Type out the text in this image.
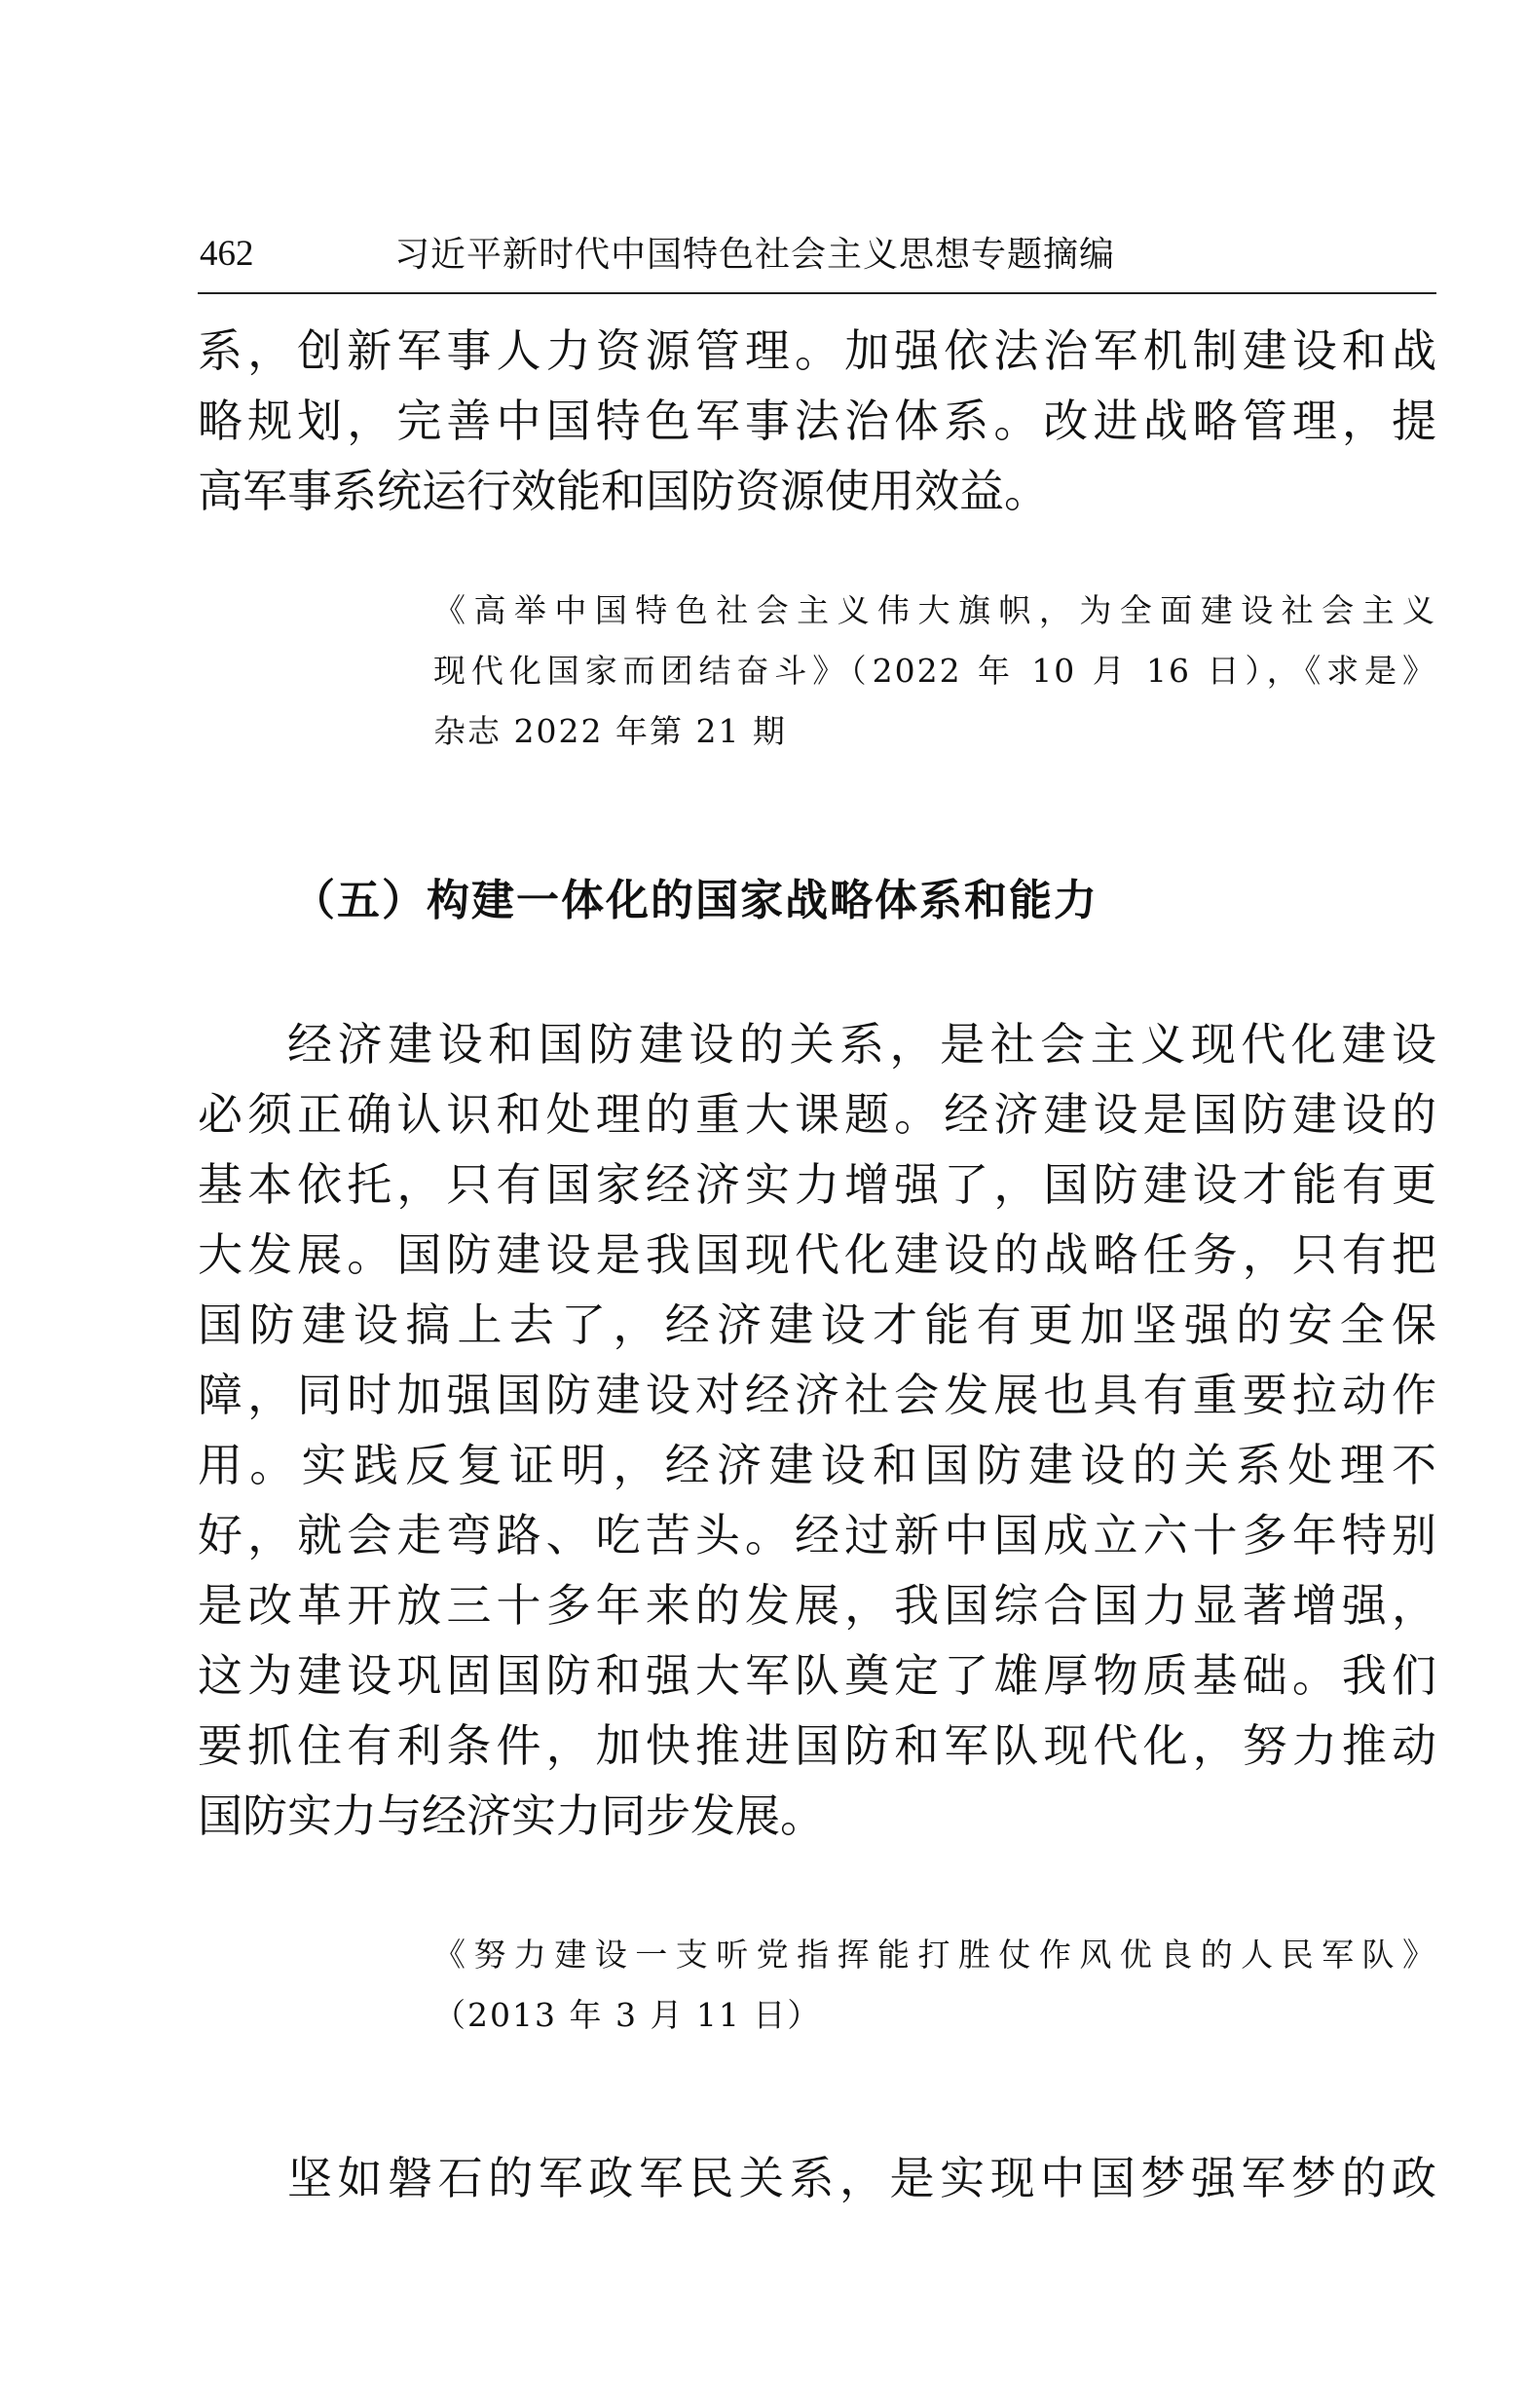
462	习近平新时代中国特色社会主义思想专题摘编
系，创新军事人力资源管理。加强依法治军机制建设和战
略规划，完善中国特色军事法治体系。改进战略管理，提
高军事系统运行效能和国防资源使用效益。
《高举中国特色社会主义伟大旗帜，为全面建设社会主义
现代化国家而团结奋斗》（2022 年 10 月 16 日），《求是》
杂志 2022 年第 21 期
（五）构建一体化的国家战略体系和能力
经济建设和国防建设的关系，是社会主义现代化建设
必须正确认识和处理的重大课题。经济建设是国防建设的
基本依托，只有国家经济实力增强了，国防建设才能有更
大发展。国防建设是我国现代化建设的战略任务，只有把
国防建设搞上去了，经济建设才能有更加坚强的安全保
障，同时加强国防建设对经济社会发展也具有重要拉动作
用。实践反复证明，经济建设和国防建设的关系处理不
好，就会走弯路、吃苦头。经过新中国成立六十多年特别
是改革开放三十多年来的发展，我国综合国力显著增强，
这为建设巩固国防和强大军队奠定了雄厚物质基础。我们
要抓住有利条件，加快推进国防和军队现代化，努力推动
国防实力与经济实力同步发展。
《努力建设一支听党指挥能打胜仗作风优良的人民军队》
（2013 年 3 月 11 日）
坚如磐石的军政军民关系，是实现中国梦强军梦的政
